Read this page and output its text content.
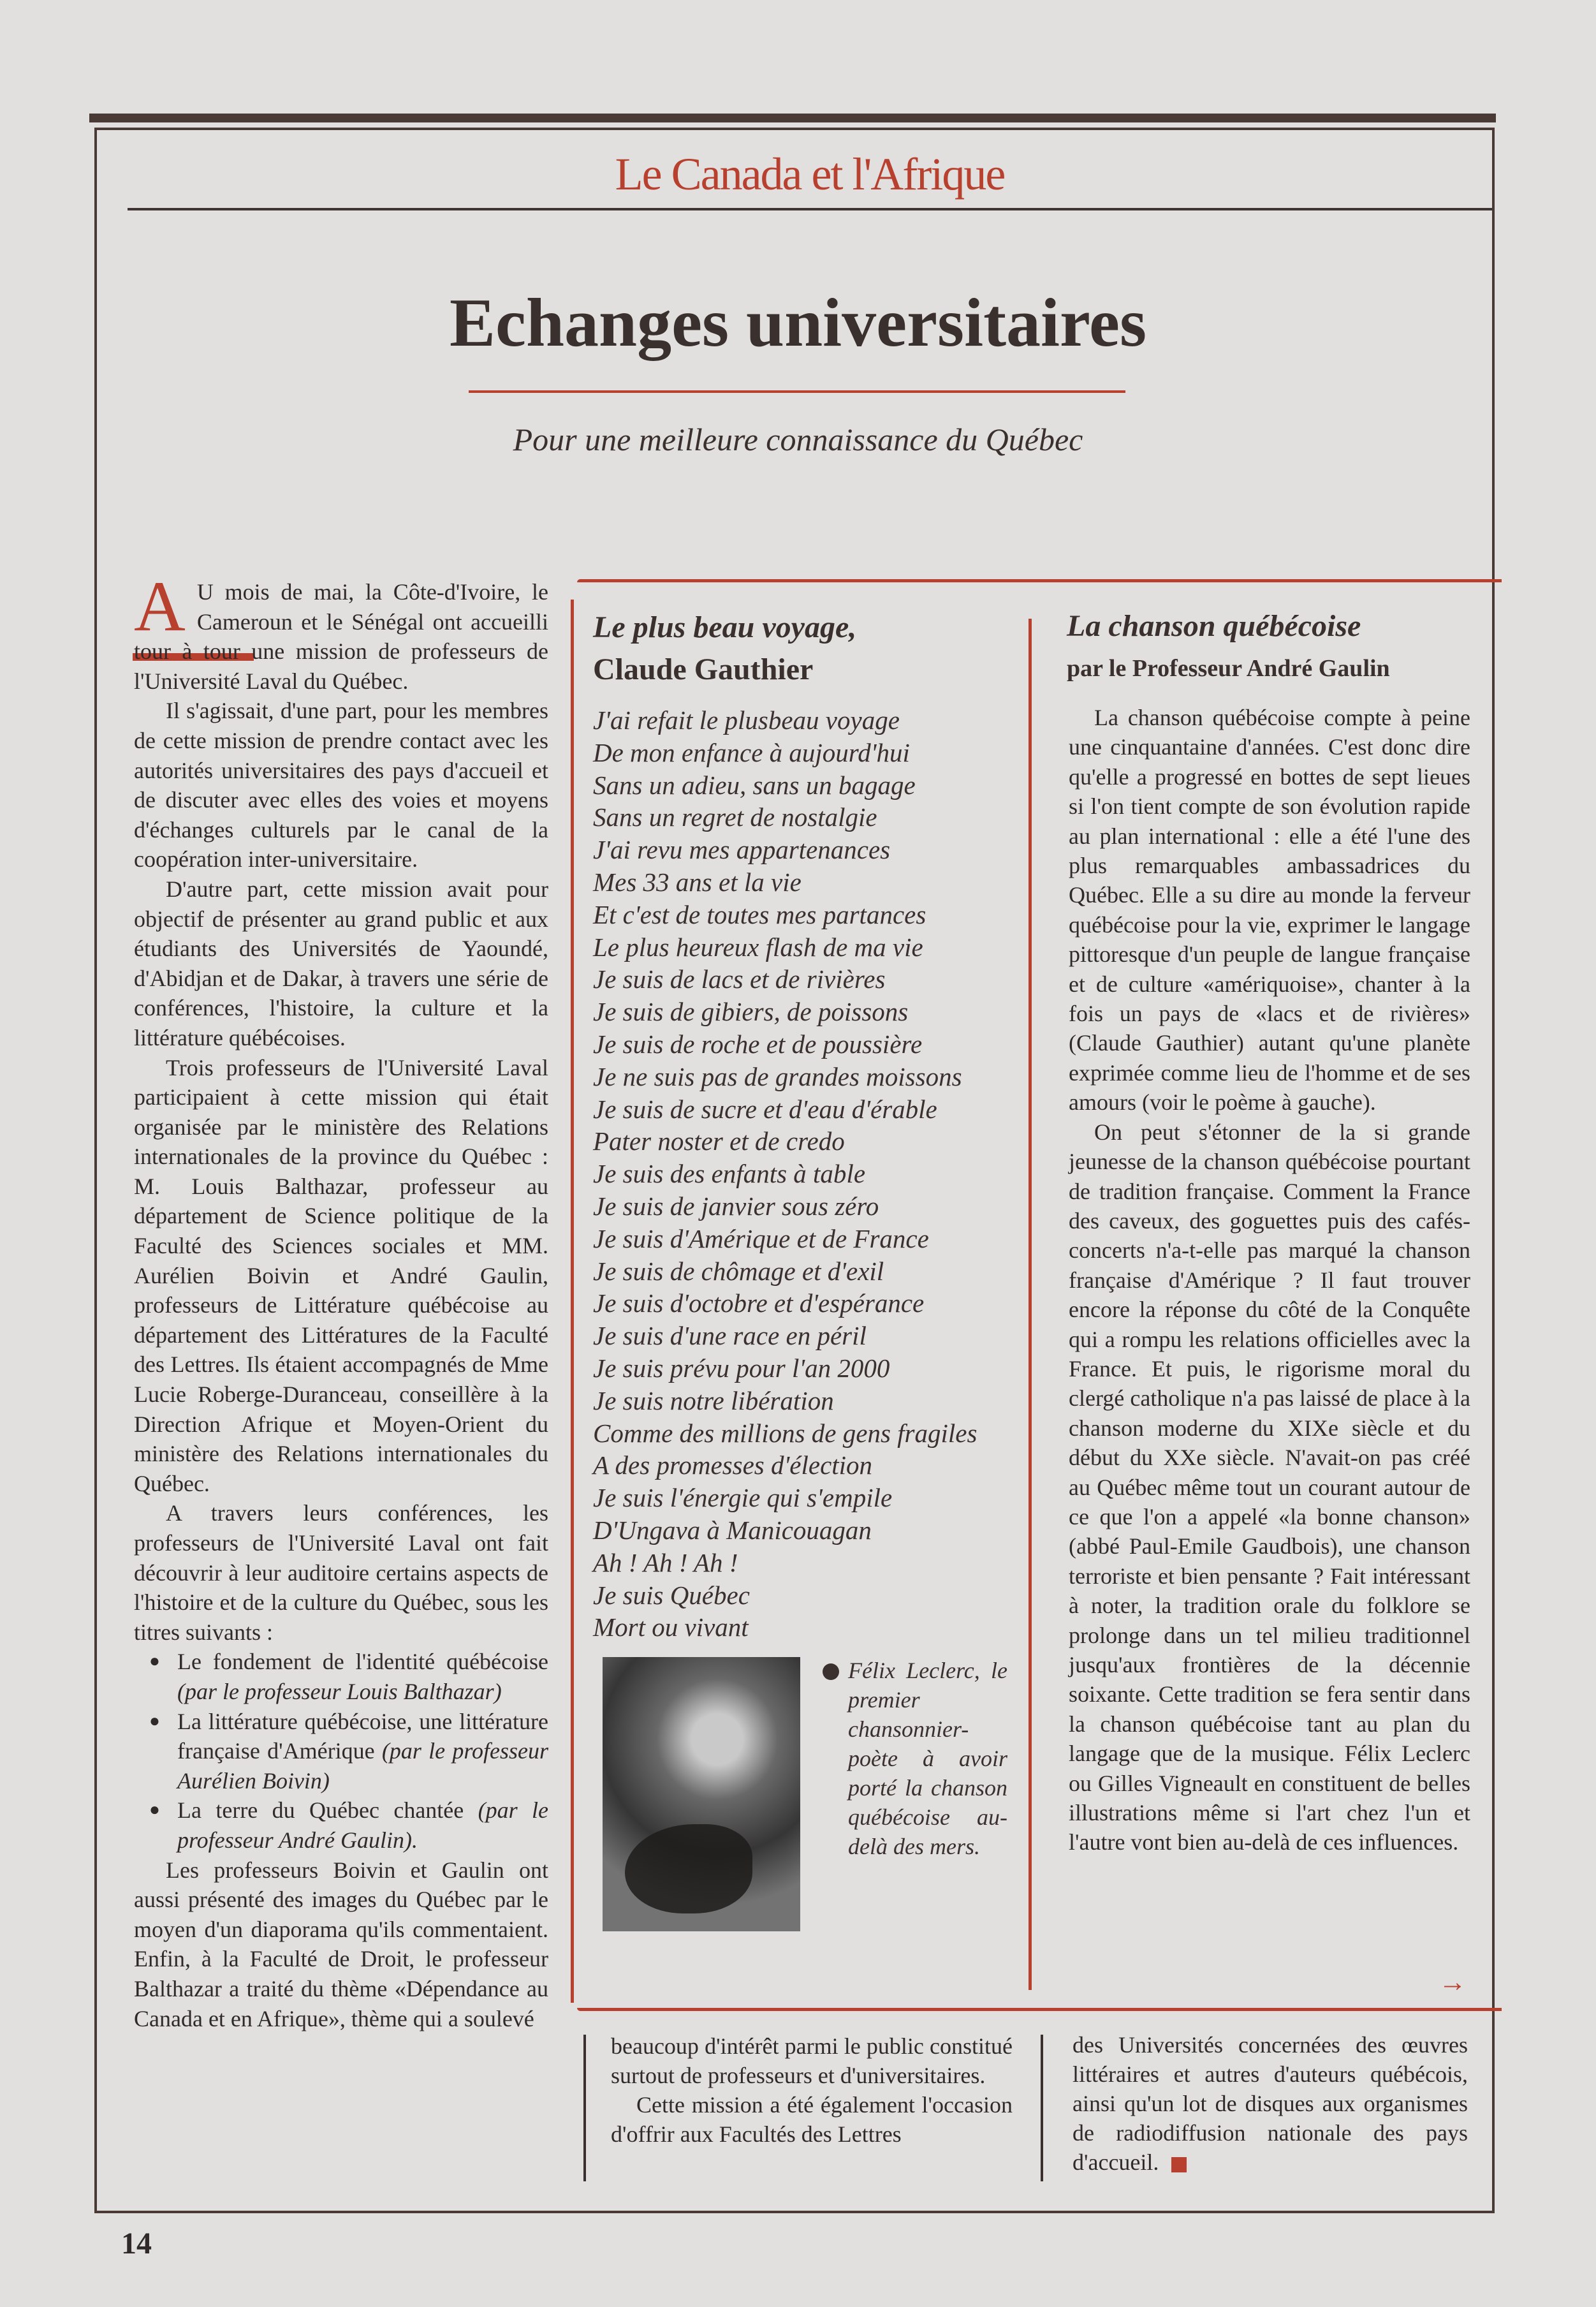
Le Canada et l'Afrique
Echanges universitaires
Pour une meilleure connaissance du Québec

A U mois de mai, la Côte-d'Ivoire, le Cameroun et le Sénégal ont accueilli tour à tour une mission de professeurs de l'Université Laval du Québec.

Il s'agissait, d'une part, pour les membres de cette mission de prendre contact avec les autorités universitaires des pays d'accueil et de discuter avec elles des voies et moyens d'échanges culturels par le canal de la coopération inter-universitaire.

D'autre part, cette mission avait pour objectif de présenter au grand public et aux étudiants des Universités de Yaoundé, d'Abidjan et de Dakar, à travers une série de conférences, l'histoire, la culture et la littérature québécoises.

Trois professeurs de l'Université Laval participaient à cette mission qui était organisée par le ministère des Relations internationales de la province du Québec : M. Louis Balthazar, professeur au département de Science politique de la Faculté des Sciences sociales et MM. Aurélien Boivin et André Gaulin, professeurs de Littérature québécoise au département des Littératures de la Faculté des Lettres. Ils étaient accompagnés de Mme Lucie Roberge-Duranceau, conseillère à la Direction Afrique et Moyen-Orient du ministère des Relations internationales du Québec.

A travers leurs conférences, les professeurs de l'Université Laval ont fait découvrir à leur auditoire certains aspects de l'histoire et de la culture du Québec, sous les titres suivants :

● Le fondement de l'identité québécoise (par le professeur Louis Balthazar)
● La littérature québécoise, une littérature française d'Amérique (par le professeur Aurélien Boivin)
● La terre du Québec chantée (par le professeur André Gaulin).

Les professeurs Boivin et Gaulin ont aussi présenté des images du Québec par le moyen d'un diaporama qu'ils commentaient. Enfin, à la Faculté de Droit, le professeur Balthazar a traité du thème «Dépendance au Canada et en Afrique», thème qui a soulevé

Le plus beau voyage,
Claude Gauthier
J'ai refait le plusbeau voyage
De mon enfance à aujourd'hui
Sans un adieu, sans un bagage
Sans un regret de nostalgie
J'ai revu mes appartenances
Mes 33 ans et la vie
Et c'est de toutes mes partances
Le plus heureux flash de ma vie
Je suis de lacs et de rivières
Je suis de gibiers, de poissons
Je suis de roche et de poussière
Je ne suis pas de grandes moissons
Je suis de sucre et d'eau d'érable
Pater noster et de credo
Je suis des enfants à table
Je suis de janvier sous zéro
Je suis d'Amérique et de France
Je suis de chômage et d'exil
Je suis d'octobre et d'espérance
Je suis d'une race en péril
Je suis prévu pour l'an 2000
Je suis notre libération
Comme des millions de gens fragiles
A des promesses d'élection
Je suis l'énergie qui s'empile
D'Ungava à Manicouagan
Ah ! Ah ! Ah !
Je suis Québec
Mort ou vivant
Félix Leclerc, le premier chansonnier-poète à avoir porté la chanson québécoise au-delà des mers.
La chanson québécoise
par le Professeur André Gaulin

La chanson québécoise compte à peine une cinquantaine d'années. C'est donc dire qu'elle a progressé en bottes de sept lieues si l'on tient compte de son évolution rapide au plan international : elle a été l'une des plus remarquables ambassadrices du Québec. Elle a su dire au monde la ferveur québécoise pour la vie, exprimer le langage pittoresque d'un peuple de langue française et de culture «amériquoise», chanter à la fois un pays de «lacs et de rivières» (Claude Gauthier) autant qu'une planète exprimée comme lieu de l'homme et de ses amours (voir le poème à gauche).

On peut s'étonner de la si grande jeunesse de la chanson québécoise pourtant de tradition française. Comment la France des caveux, des goguettes puis des cafés-concerts n'a-t-elle pas marqué la chanson française d'Amérique ? Il faut trouver encore la réponse du côté de la Conquête qui a rompu les relations officielles avec la France. Et puis, le rigorisme moral du clergé catholique n'a pas laissé de place à la chanson moderne du XIXe siècle et du début du XXe siècle. N'avait-on pas créé au Québec même tout un courant autour de ce que l'on a appelé «la bonne chanson» (abbé Paul-Emile Gaudbois), une chanson terroriste et bien pensante ? Fait intéressant à noter, la tradition orale du folklore se prolonge dans un tel milieu traditionnel jusqu'aux frontières de la décennie soixante. Cette tradition se fera sentir dans la chanson québécoise tant au plan du langage que de la musique. Félix Leclerc ou Gilles Vigneault en constituent de belles illustrations même si l'art chez l'un et l'autre vont bien au-delà de ces influences.

→

beaucoup d'intérêt parmi le public constitué surtout de professeurs et d'universitaires.

Cette mission a été également l'occasion d'offrir aux Facultés des Lettres

des Universités concernées des œuvres littéraires et autres d'auteurs québécois, ainsi qu'un lot de disques aux organismes de radiodiffusion nationale des pays d'accueil.
14
